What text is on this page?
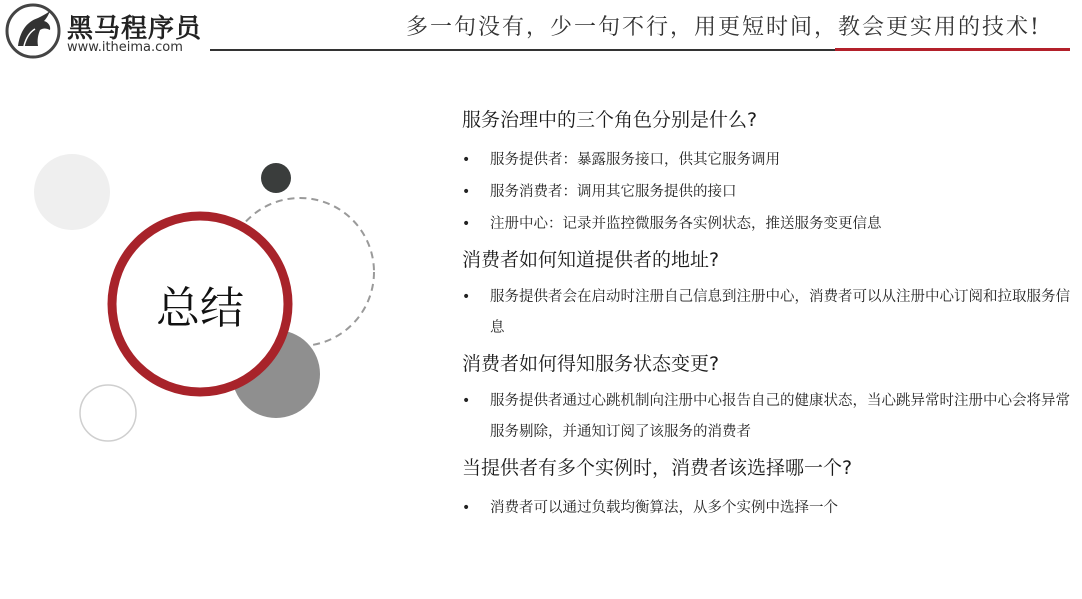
黑马程序员
www.itheima.com
多一句没有，少一句不行，用更短时间，教会更实用的技术!
总结

服务治理中的三个角色分别是什么?

• 服务提供者：暴露服务接口，供其它服务调用
• 服务消费者：调用其它服务提供的接口
• 注册中心：记录并监控微服务各实例状态，推送服务变更信息

消费者如何知道提供者的地址?

• 服务提供者会在启动时注册自己信息到注册中心，消费者可以从注册中心订阅和拉取服务信息

消费者如何得知服务状态变更?

• 服务提供者通过心跳机制向注册中心报告自己的健康状态，当心跳异常时注册中心会将异常服务剔除，并通知订阅了该服务的消费者

当提供者有多个实例时，消费者该选择哪一个?

• 消费者可以通过负载均衡算法，从多个实例中选择一个
